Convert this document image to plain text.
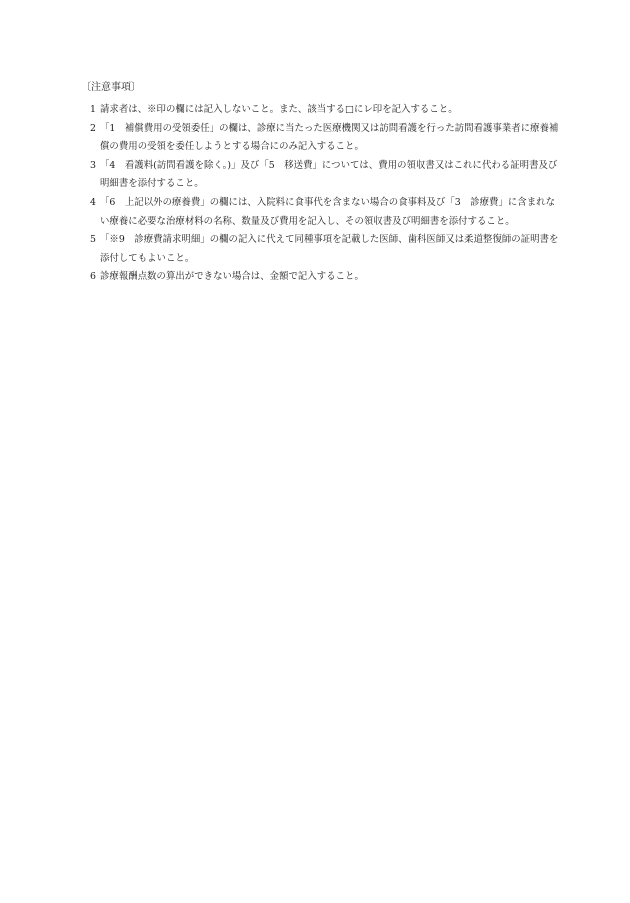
〔注意事項〕
1 請求者は、※印の欄には記入しないこと。また、該当する□にレ印を記入すること。
2 「1　補償費用の受領委任」の欄は、診療に当たった医療機関又は訪問看護を行った訪問看護事業者に療養補償の費用の受領を委任しようとする場合にのみ記入すること。
3 「4　看護料(訪問看護を除く。)」及び「5　移送費」については、費用の領収書又はこれに代わる証明書及び明細書を添付すること。
4 「6　上記以外の療養費」の欄には、入院料に食事代を含まない場合の食事料及び「3　診療費」に含まれない療養に必要な治療材料の名称、数量及び費用を記入し、その領収書及び明細書を添付すること。
5 「※9　診療費請求明細」の欄の記入に代えて同種事項を記載した医師、歯科医師又は柔道整復師の証明書を添付してもよいこと。
6 診療報酬点数の算出ができない場合は、金額で記入すること。
